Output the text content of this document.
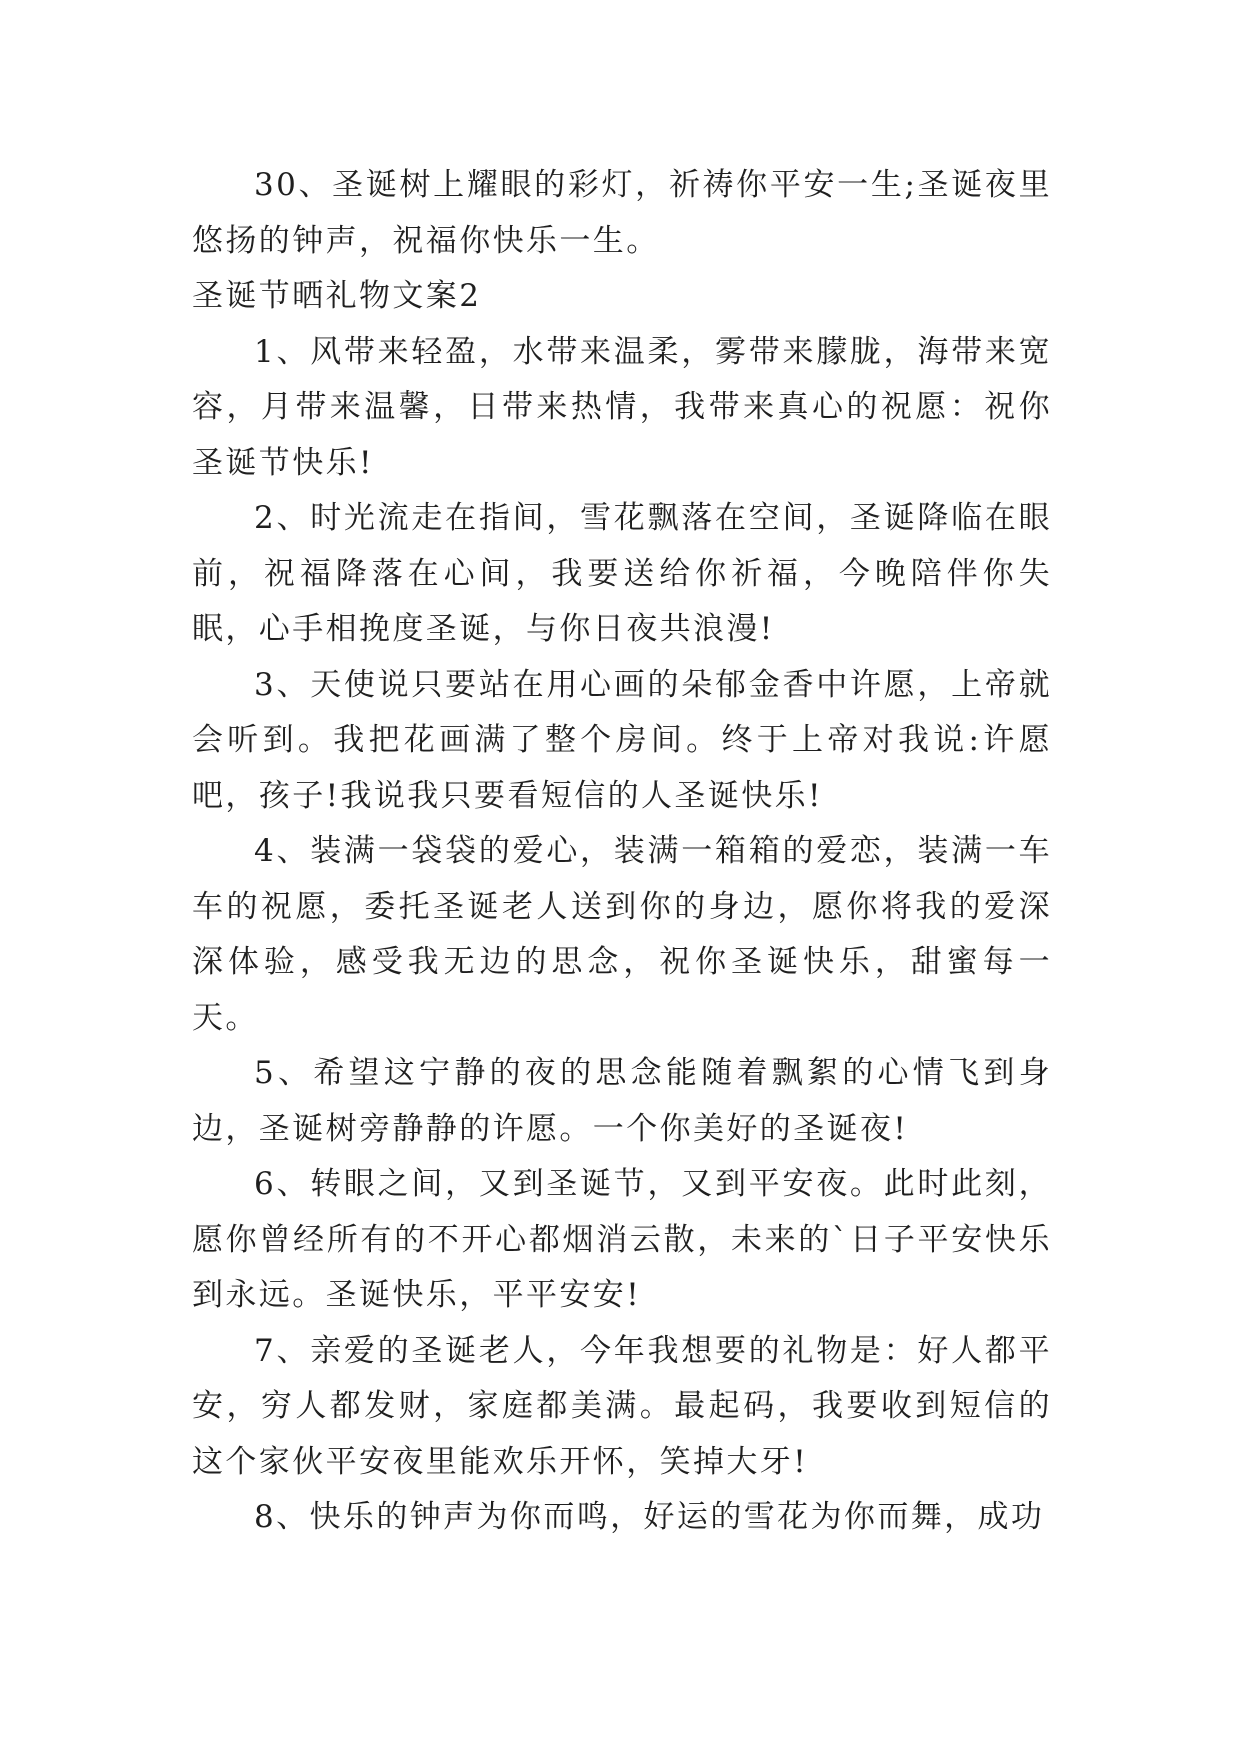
30、圣诞树上耀眼的彩灯，祈祷你平安一生;圣诞夜里悠扬的钟声，祝福你快乐一生。

圣诞节晒礼物文案2

1、风带来轻盈，水带来温柔，雾带来朦胧，海带来宽容，月带来温馨，日带来热情，我带来真心的祝愿：祝你圣诞节快乐!

2、时光流走在指间，雪花飘落在空间，圣诞降临在眼前，祝福降落在心间，我要送给你祈福，今晚陪伴你失眠，心手相挽度圣诞，与你日夜共浪漫!

3、天使说只要站在用心画的朵郁金香中许愿，上帝就会听到。我把花画满了整个房间。终于上帝对我说:许愿吧，孩子!我说我只要看短信的人圣诞快乐!

4、装满一袋袋的爱心，装满一箱箱的爱恋，装满一车车的祝愿，委托圣诞老人送到你的身边，愿你将我的爱深深体验，感受我无边的思念，祝你圣诞快乐，甜蜜每一天。

5、希望这宁静的夜的思念能随着飘絮的心情飞到身边，圣诞树旁静静的许愿。一个你美好的圣诞夜!

6、转眼之间，又到圣诞节，又到平安夜。此时此刻，愿你曾经所有的不开心都烟消云散，未来的`日子平安快乐到永远。圣诞快乐，平平安安!

7、亲爱的圣诞老人，今年我想要的礼物是：好人都平安，穷人都发财，家庭都美满。最起码，我要收到短信的这个家伙平安夜里能欢乐开怀，笑掉大牙!

8、快乐的钟声为你而鸣，好运的雪花为你而舞，成功
